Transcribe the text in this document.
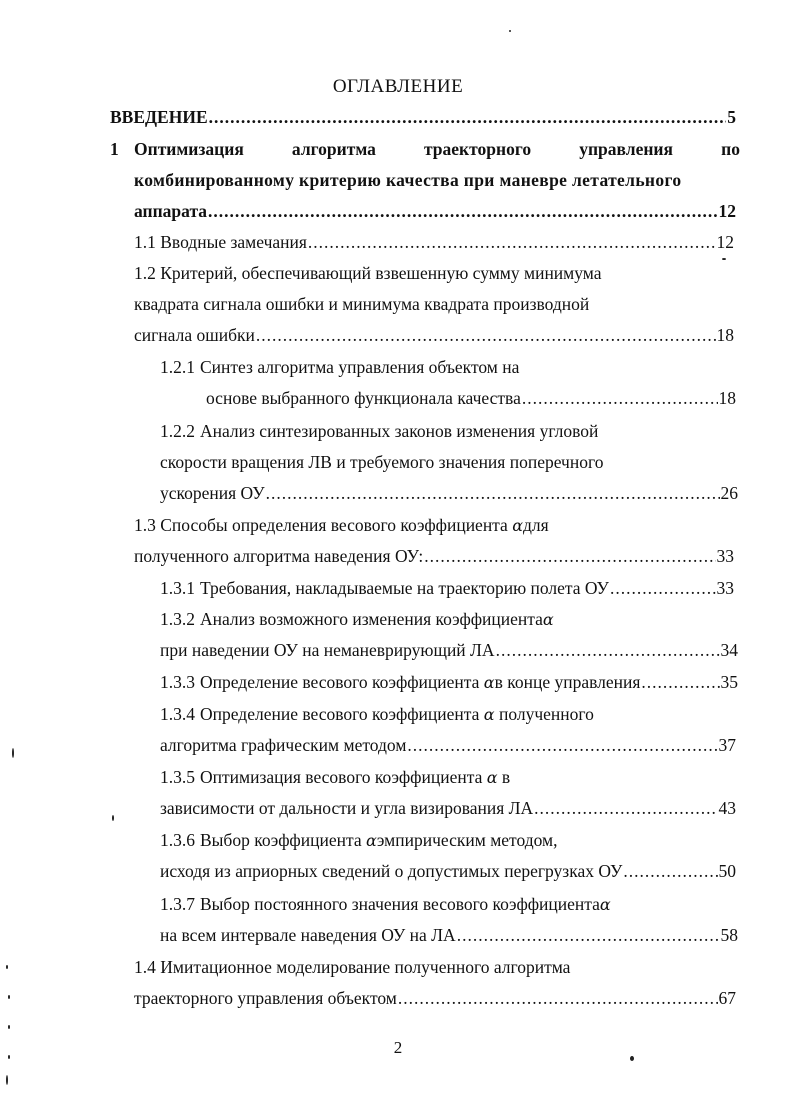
ОГЛАВЛЕНИЕ
ВВЕДЕНИЕ .....	5
1 Оптимизация	алгоритма	траекторного	управления	по
комбинированному критерию качества при маневре летательного
аппарата .....	12
1.1 Вводные замечания .....	12
1.2 Критерий, обеспечивающий взвешенную сумму минимума
квадрата сигнала ошибки и минимума квадрата производной
сигнала ошибки .....	18
1.2.1 Синтез алгоритма управления объектом на
основе выбранного функционала качества .....	18
1.2.2 Анализ синтезированных законов изменения угловой
скорости вращения ЛВ и требуемого значения поперечного
ускорения ОУ .....	26
1.3 Способы определения весового коэффициента αдля
полученного алгоритма наведения ОУ: .....	33
1.3.1 Требования, накладываемые на траекторию полета ОУ .....	33
1.3.2 Анализ возможного изменения коэффициентаα
при наведении ОУ на неманеврирующий ЛА .....	34
1.3.3 Определение весового коэффициента
α в конце управления .....	35
1.3.4 Определение весового коэффициента α полученного
алгоритма графическим методом .....	37
1.3.5 Оптимизация весового коэффициента α в
зависимости от дальности и угла визирования ЛА .....	43
1.3.6 Выбор коэффициента αэмпирическим методом,
исходя из априорных сведений о допустимых перегрузках ОУ .....	50
1.3.7 Выбор постоянного значения весового коэффициентаα
на всем интервале наведения ОУ на ЛА .....	58
1.4 Имитационное моделирование полученного алгоритма
траекторного управления объектом .....	67
2
